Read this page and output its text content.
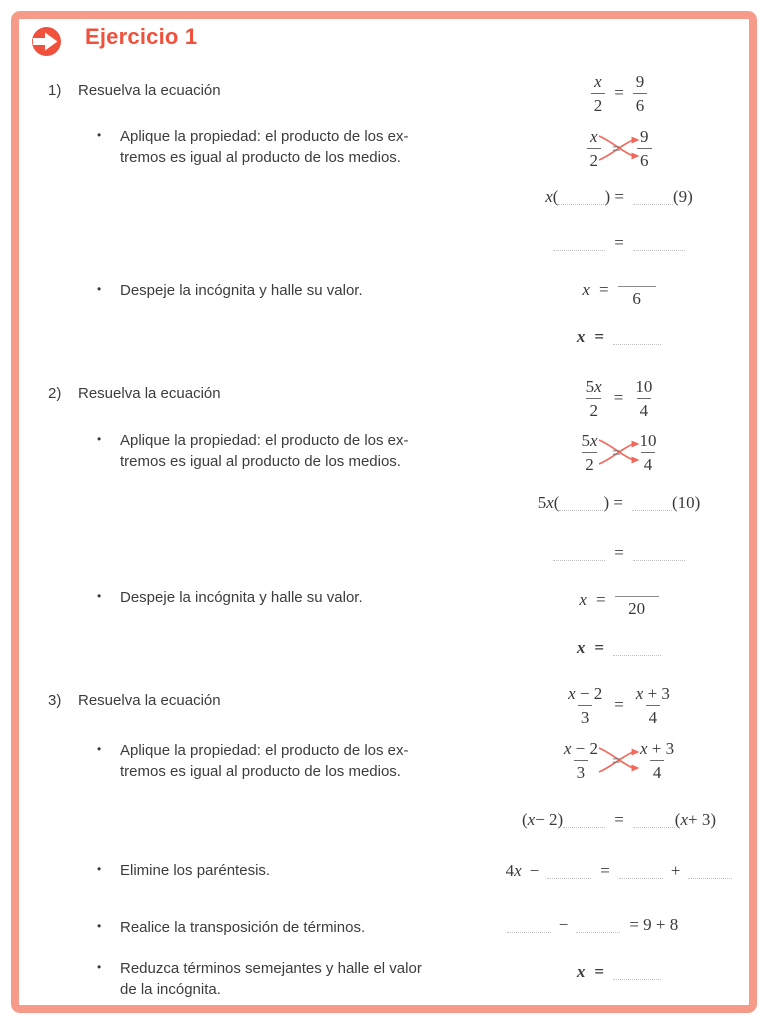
Ejercicio 1
1) Resuelva la ecuación	$\frac{x}{2} = \frac{9}{6}$
• Aplique la propiedad: el producto de los ex-
tremos es igual al producto de los medios.	$\frac{x}{2} = \frac{9}{6}$
x (	) =	(9)
=
• Despeje la incógnita y halle su valor.	x =	6
x =
2) Resuelva la ecuación	$\frac{5x}{2} = \frac{10}{4}$
• Aplique la propiedad: el producto de los ex-
tremos es igual al producto de los medios.	$\frac{5x}{2} = \frac{10}{4}$
5 x (	) =	(10)
=
• Despeje la incógnita y halle su valor.	x =	20
x =
3) Resuelva la ecuación	$\frac{x - 2}{3} = \frac{x + 3}{4}$
• Aplique la propiedad: el producto de los ex-
tremos es igual al producto de los medios.	$\frac{x - 2}{3} = \frac{x + 3}{4}$
( x − 2)	=	( x + 3)
• Elimine los paréntesis.	4 x −	=	+
• Realice la transposición de términos.	−	= 9 + 8
• Reduzca términos semejantes y halle el valor
de la incógnita.
x =
